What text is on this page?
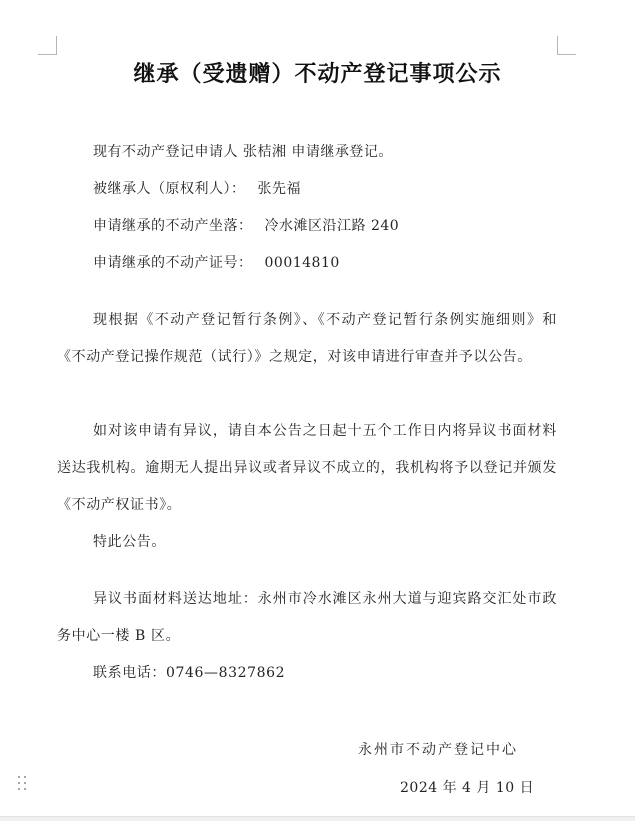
继承（受遗赠）不动产登记事项公示
现有不动产登记申请人 张桔湘 申请继承登记。
被继承人（原权利人）： 张先福
申请继承的不动产坐落： 冷水滩区沿江路 240
申请继承的不动产证号： 00014810
现根据《不动产登记暂行条例》、《不动产登记暂行条例实施细则》和《不动产登记操作规范（试行）》之规定，对该申请进行审查并予以公告。
如对该申请有异议，请自本公告之日起十五个工作日内将异议书面材料送达我机构。逾期无人提出异议或者异议不成立的，我机构将予以登记并颁发《不动产权证书》。
特此公告。
异议书面材料送达地址：永州市冷水滩区永州大道与迎宾路交汇处市政务中心一楼 B 区。
联系电话：0746—8327862
永州市不动产登记中心
2024 年 4 月 10 日
